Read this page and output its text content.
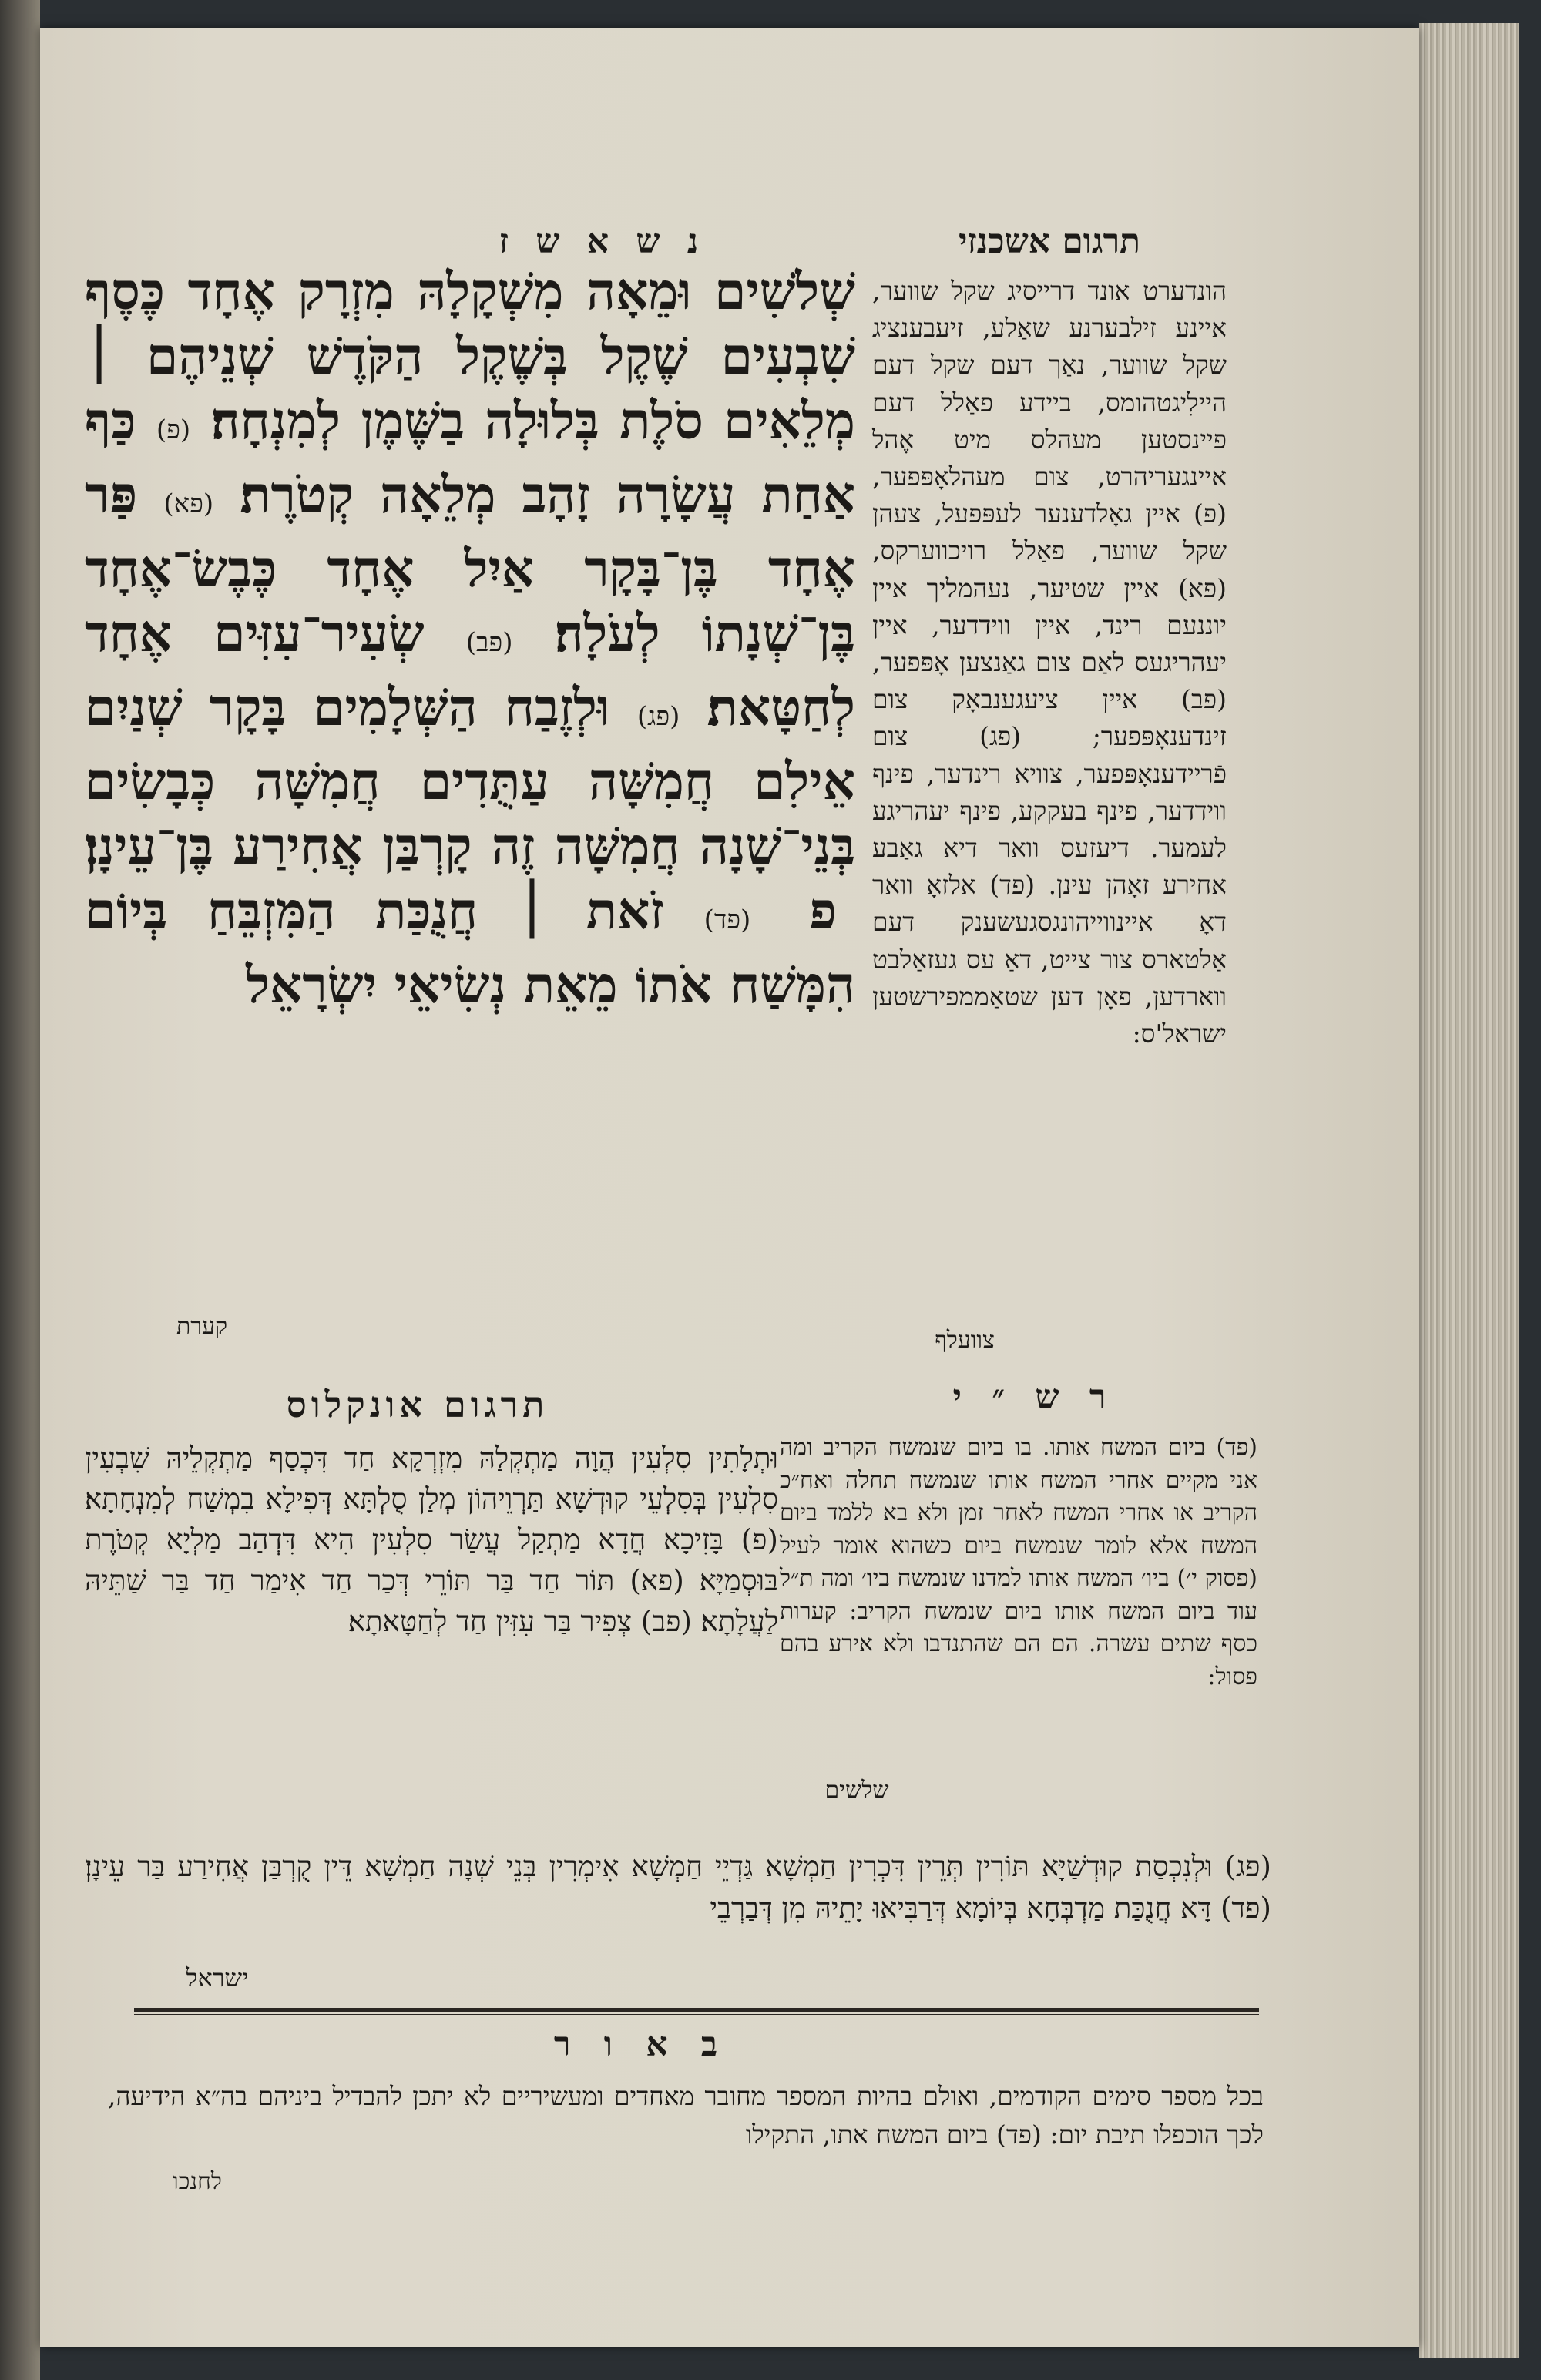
תרגום אשכנזי
נ ש א ש ז

שְׁלֹשִׁים וּמֵאָה מִשְׁקָלָהּ מִזְרָק אֶחָד כֶּסֶף שִׁבְעִים שֶׁקֶל בְּשֶׁקֶל הַקֹּדֶשׁ שְׁנֵיהֶם ׀ מְלֵאִים סֹלֶת בְּלוּלָה בַשֶּׁמֶן לְמִנְחָה׃ (פ) כַּף אַחַת עֲשָׂרָה זָהָב מְלֵאָה קְטֹרֶת׃ (פא) פַּר אֶחָד בֶּן־בָּקָר אַיִל אֶחָד כֶּבֶשׂ־אֶחָד בֶּן־שְׁנָתוֹ לְעֹלָה׃ (פב) שְׂעִיר־עִזִּים אֶחָד לְחַטָּאת׃ (פג) וּלְזֶבַח הַשְּׁלָמִים בָּקָר שְׁנַיִם אֵילִם חֲמִשָּׁה עַתֻּדִים חֲמִשָּׁה כְּבָשִׂים בְּנֵי־שָׁנָה חֲמִשָּׁה זֶה קָרְבַּן אֲחִירַע בֶּן־עֵינָן׃ פ (פד) זֹאת ׀ חֲנֻכַּת הַמִּזְבֵּחַ בְּיוֹם הִמָּשַׁח אֹתוֹ מֵאֵת נְשִׂיאֵי יִשְׂרָאֵל

קערת
הונדערט אונד דרייסיג שקל שווער, איינע זילבערנע שאַלע, זיעבענציג שקל שווער, נאַך דעם שקל דעם היילִיגטהומס, ביידע פאַלל דעם פיינסטען מעהלס מיט אֶהל איינגעריהרט, צום מעהלאָפּפער, (פ) איין גאָלדענער לעפּפעל, צעהן שקל שווער, פאַלל רויכווערקס, (פא) איין שטיער, נעהמליך איין יוננעם רינד, איין ווידדער, איין יעהריגעס לאַם צום גאַנצען אָפּפער, (פב) איין ציעגענבאָק צום זינדענאָפּפער; (פג) צום פֿריידענאָפּפער, צוויא רינדער, פינף ווידדער, פינף בעקקע, פינף יעהריגע לעמער. דיעזעס וואר דיא גאַבע אחירע זאָהן עינן. (פד) אלזאָ וואר דאָ איינווייהונגסגעשענק דעם אַלטארס צור צייט, דאַ עס געזאַלבט ווארדען, פאָן דען שטאַממפירשטען ישראל'ס:
צוועלף
תרגום אונקלוס
וּתְלָתִין סִלְעִין הֲוָה מַתְקְלַהּ מִזְרְקָא חַד דִּכְסַף מַתְקְלֵיהּ שִׁבְעִין סִלְעִין בְּסִלְעֵי קוּדְשָׁא תַּרְוֵיהוֹן מְלַן סֻלְתָּא דְּפִילָא בִמְשַׁח לְמִנְחָתָא׃ (פ) בָּזִיכָא חֲדָא מַתְקַל עֲשַׂר סִלְעִין הִיא דִּדְהַב מַלְיָא קְטֹרֶת בּוּסְמַיָּא׃ (פא) תּוֹר חַד בַּר תּוֹרֵי דְּכַר חַד אִימַר חַד בַּר שַׁתֵּיהּ לַעֲלָתָא׃ (פב) צְפִיר בַּר עִזִּין חַד לְחַטָּאתָא׃
(פג) וּלְנִכְסַת קוּדְשַׁיָּא תּוֹרִין תְּרֵין דִּכְרִין חַמְשָׁא גַּדְיֵי חַמְשָׁא אִימְרִין בְּנֵי שְׁנָה חַמְשָׁא דֵּין קֻרְבַּן אֲחִירַע בַּר עֵינָן׃ (פד) דָּא חֲנֻכַּת מַדְבְּחָא בְּיוֹמָא דְּרַבִּיאוּ יָתֵיהּ מִן דְּבַרְבֵי
ישראל
ר ש ״ י
(פד) ביום המשח אותו. בו ביום שנמשח הקריב ומה אני מקיים אחרי המשח אותו שנמשח תחלה ואח״כ הקריב או אחרי המשח לאחר זמן ולא בא ללמד ביום המשח אלא לומר שנמשח ביום כשהוא אומר לעיל (פסוק י׳) ביו׳ המשח אותו למדנו שנמשח ביו׳ ומה ת״ל עוד ביום המשח אותו ביום שנמשח הקריב: קערות כסף שתים עשרה. הם הם שהתנדבו ולא אירע בהם פסול:
שלשים
ב א ו ר
בכל מספר סימים הקודמים, ואולם בהיות המספר מחובר מאחדים ומעשיריים לא יתכן להבדיל ביניהם בה״א הידיעה, לכך הוכפלו תיבת יום: (פד) ביום המשח אתו, התקילו
לחנכו
